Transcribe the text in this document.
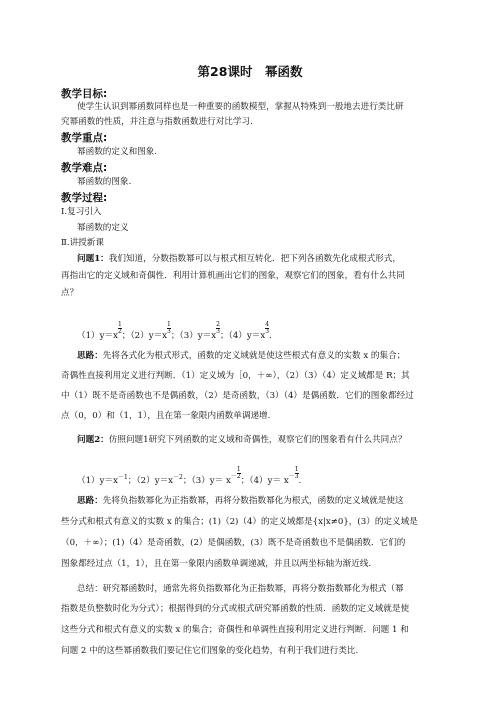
第28课时　幂函数
教学目标:
使学生认识到幂函数同样也是一种重要的函数模型，掌握从特殊到一般地去进行类比研
究幂函数的性质，并注意与指数函数进行对比学习.
教学重点:
幂函数的定义和图象.
教学难点:
幂函数的图象.
教学过程:
Ⅰ.复习引入
幂函数的定义
Ⅱ.讲授新课
问题1：我们知道，分数指数幂可以与根式相互转化．把下列各函数先化成根式形式，
再指出它的定义域和奇偶性．利用计算机画出它们的图象，观察它们的图象，看有什么共同
点？
（1）y＝x
$\frac{1}{2}$
；（2）y＝x
$\frac{1}{3}$
；（3）y＝x
$\frac{2}{3}$
；（4）y＝x
$\frac{4}{3}$
．
思路：先将各式化为根式形式，函数的定义域就是使这些根式有意义的实数 x 的集合；
奇偶性直接利用定义进行判断．（1）定义域为［0，＋∞），（2）（3）（4）定义域都是 R；其
中（1）既不是奇函数也不是偶函数，（2）是奇函数，（3）（4）是偶函数．它们的图象都经过
点（0，0）和（1，1），且在第一象限内函数单调递增.
问题2：仿照问题1研究下列函数的定义域和奇偶性，观察它们的图象看有什么共同点？
（1）y＝x－1；（2）y＝x－2；$(3)y= x- \frac{1}{2}$
；$(4)y= x- \frac{1}{3}$
.
思路：先将负指数幂化为正指数幂，再将分数指数幂化为根式，函数的定义域就是使这
些分式和根式有意义的实数 x 的集合；(1)（2)（4）的定义域都是{x|x≠0}，(3）的定义域是
（0，＋∞）；(1)（4）是奇函数，(2）是偶函数，(3）既不是奇函数也不是偶函数．它们的
图象都经过点（1，1），且在第一象限内函数单调递减，并且以两坐标轴为渐近线.
总结：研究幂函数时，通常先将负指数幂化为正指数幂，再将分数指数幂化为根式（幂
指数是负整数时化为分式）；根据得到的分式或根式研究幂函数的性质．函数的定义域就是使
这些分式和根式有意义的实数 x 的集合；奇偶性和单调性直接利用定义进行判断．问题 1 和
问题 2 中的这些幂函数我们要记住它们图象的变化趋势，有利于我们进行类比.
